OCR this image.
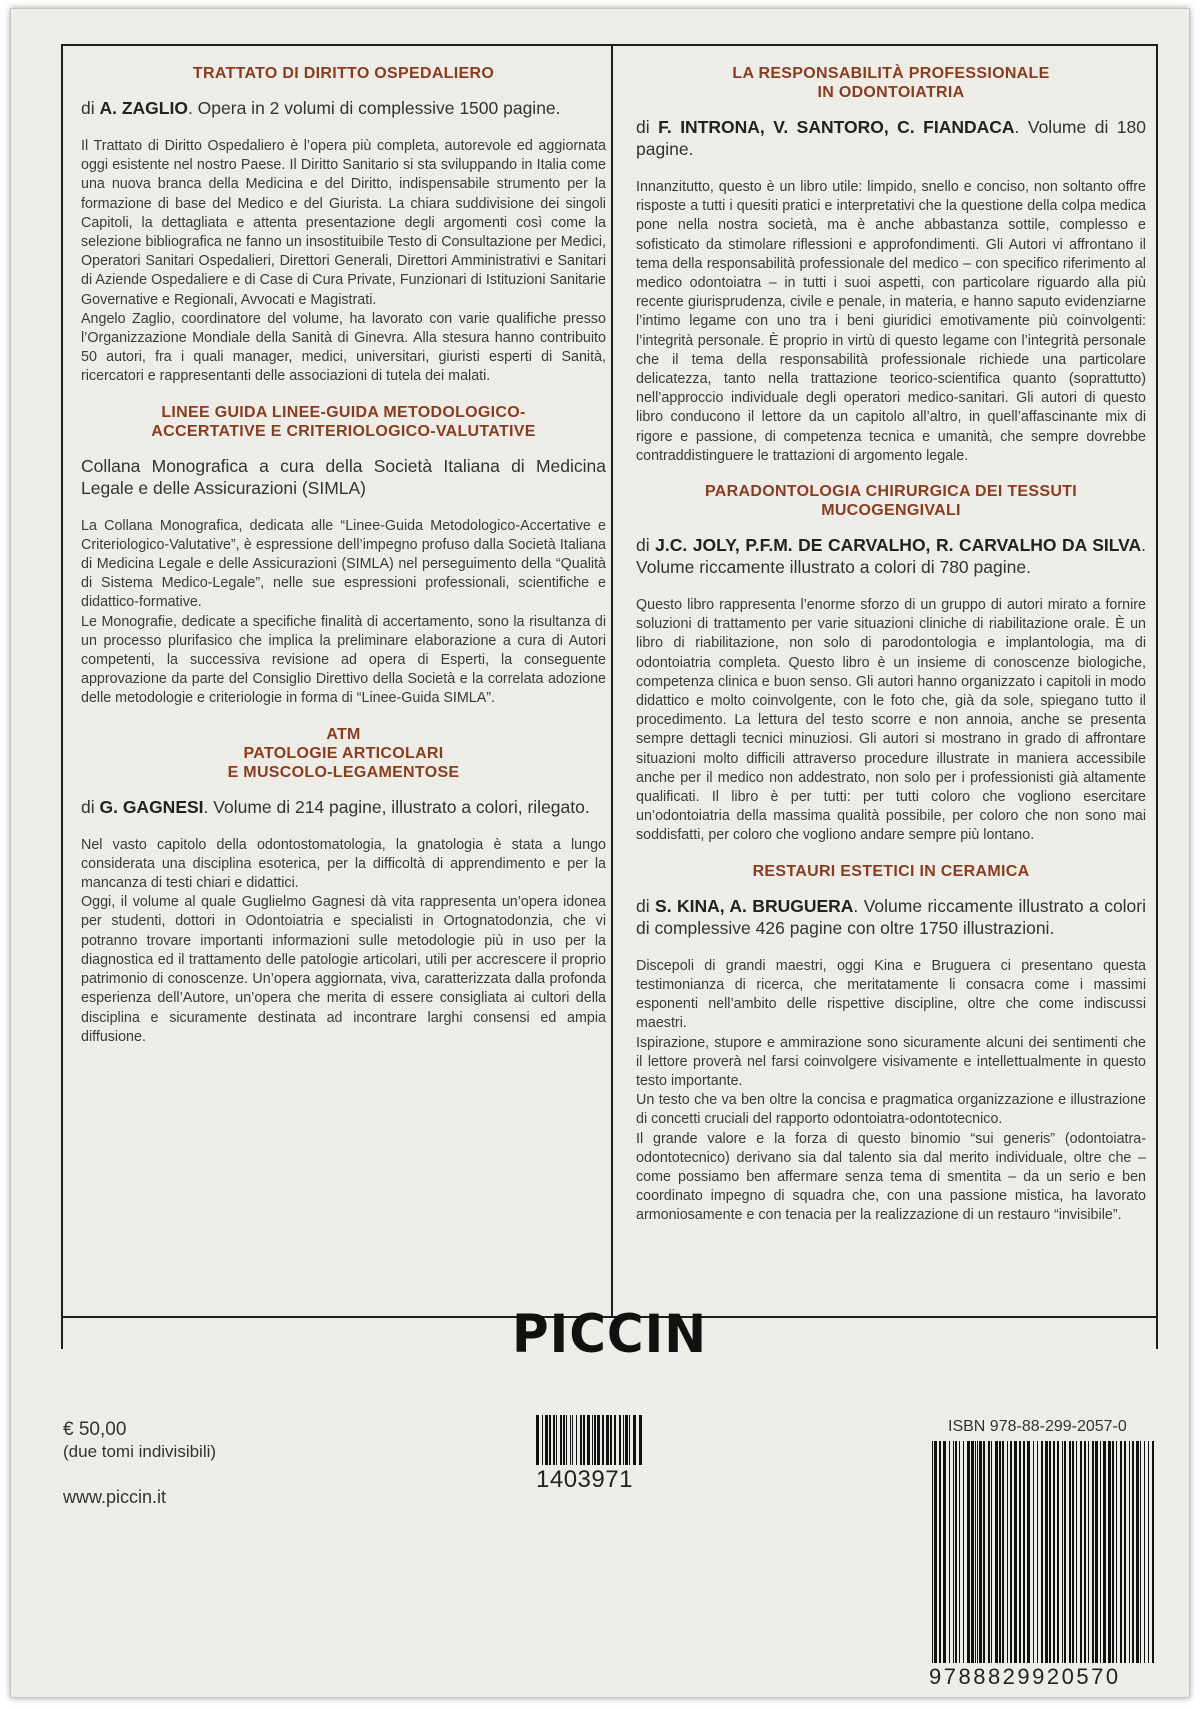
TRATTATO DI DIRITTO OSPEDALIERO
di A. ZAGLIO. Opera in 2 volumi di complessive 1500 pagine.

Il Trattato di Diritto Ospedaliero è l’opera più completa, autorevole ed aggiornata oggi esistente nel nostro Paese. Il Diritto Sanitario si sta sviluppando in Italia come una nuova branca della Medicina e del Diritto, indispensabile strumento per la formazione di base del Medico e del Giurista. La chiara suddivisione dei singoli Capitoli, la dettagliata e attenta presentazione degli argomenti così come la selezione bibliografica ne fanno un insostituibile Testo di Consultazione per Medici, Operatori Sanitari Ospedalieri, Direttori Generali, Direttori Amministrativi e Sanitari di Aziende Ospedaliere e di Case di Cura Private, Funzionari di Istituzioni Sanitarie Governative e Regionali, Avvocati e Magistrati.

Angelo Zaglio, coordinatore del volume, ha lavorato con varie qualifiche presso l’Organizzazione Mondiale della Sanità di Ginevra. Alla stesura hanno contribuito 50 autori, fra i quali manager, medici, universitari, giuristi esperti di Sanità, ricercatori e rappresentanti delle associazioni di tutela dei malati.

LINEE GUIDA LINEE-GUIDA METODOLOGICO-
ACCERTATIVE E CRITERIOLOGICO-VALUTATIVE
Collana Monografica a cura della Società Italiana di Medicina Legale e delle Assicurazioni (SIMLA)

La Collana Monografica, dedicata alle “Linee-Guida Metodologico-Accertative e Criteriologico-Valutative”, è espressione dell’impegno profuso dalla Società Italiana di Medicina Legale e delle Assicurazioni (SIMLA) nel perseguimento della “Qualità di Sistema Medico-Legale”, nelle sue espressioni professionali, scientifiche e didattico-formative.

Le Monografie, dedicate a specifiche finalità di accertamento, sono la risultanza di un processo plurifasico che implica la preliminare elaborazione a cura di Autori competenti, la successiva revisione ad opera di Esperti, la conseguente approvazione da parte del Consiglio Direttivo della Società e la correlata adozione delle metodologie e criteriologie in forma di “Linee-Guida SIMLA”.

ATM
PATOLOGIE ARTICOLARI
E MUSCOLO-LEGAMENTOSE
di G. GAGNESI. Volume di 214 pagine, illustrato a colori, rilegato.

Nel vasto capitolo della odontostomatologia, la gnatologia è stata a lungo considerata una disciplina esoterica, per la difficoltà di apprendimento e per la mancanza di testi chiari e didattici.

Oggi, il volume al quale Guglielmo Gagnesi dà vita rappresenta un’opera idonea per studenti, dottori in Odontoiatria e specialisti in Ortognatodonzia, che vi potranno trovare importanti informazioni sulle metodologie più in uso per la diagnostica ed il trattamento delle patologie articolari, utili per accrescere il proprio patrimonio di conoscenze. Un’opera aggiornata, viva, caratterizzata dalla profonda esperienza dell’Autore, un’opera che merita di essere consigliata ai cultori della disciplina e sicuramente destinata ad incontrare larghi consensi ed ampia diffusione.

LA RESPONSABILITÀ PROFESSIONALE
IN ODONTOIATRIA
di F. INTRONA, V. SANTORO, C. FIANDACA. Volume di 180 pagine.

Innanzitutto, questo è un libro utile: limpido, snello e conciso, non soltanto offre risposte a tutti i quesiti pratici e interpretativi che la questione della colpa medica pone nella nostra società, ma è anche abbastanza sottile, complesso e sofisticato da stimolare riflessioni e approfondimenti. Gli Autori vi affrontano il tema della responsabilità professionale del medico – con specifico riferimento al medico odontoiatra – in tutti i suoi aspetti, con particolare riguardo alla più recente giurisprudenza, civile e penale, in materia, e hanno saputo evidenziarne l’intimo legame con uno tra i beni giuridici emotivamente più coinvolgenti: l’integrità personale. È proprio in virtù di questo legame con l’integrità personale che il tema della responsabilità professionale richiede una particolare delicatezza, tanto nella trattazione teorico-scientifica quanto (soprattutto) nell’approccio individuale degli operatori medico-sanitari. Gli autori di questo libro conducono il lettore da un capitolo all’altro, in quell’affascinante mix di rigore e passione, di competenza tecnica e umanità, che sempre dovrebbe contraddistinguere le trattazioni di argomento legale.

PARADONTOLOGIA CHIRURGICA DEI TESSUTI
MUCOGENGIVALI
di J.C. JOLY, P.F.M. DE CARVALHO, R. CARVALHO DA SILVA. Volume riccamente illustrato a colori di 780 pagine.

Questo libro rappresenta l’enorme sforzo di un gruppo di autori mirato a fornire soluzioni di trattamento per varie situazioni cliniche di riabilitazione orale. È un libro di riabilitazione, non solo di parodontologia e implantologia, ma di odontoiatria completa. Questo libro è un insieme di conoscenze biologiche, competenza clinica e buon senso. Gli autori hanno organizzato i capitoli in modo didattico e molto coinvolgente, con le foto che, già da sole, spiegano tutto il procedimento. La lettura del testo scorre e non annoia, anche se presenta sempre dettagli tecnici minuziosi. Gli autori si mostrano in grado di affrontare situazioni molto difficili attraverso procedure illustrate in maniera accessibile anche per il medico non addestrato, non solo per i professionisti già altamente qualificati. Il libro è per tutti: per tutti coloro che vogliono esercitare un’odontoiatria della massima qualità possibile, per coloro che non sono mai soddisfatti, per coloro che vogliono andare sempre più lontano.

RESTAURI ESTETICI IN CERAMICA
di S. KINA, A. BRUGUERA. Volume riccamente illustrato a colori di complessive 426 pagine con oltre 1750 illustrazioni.

Discepoli di grandi maestri, oggi Kina e Bruguera ci presentano questa testimonianza di ricerca, che meritatamente li consacra come i massimi esponenti nell’ambito delle rispettive discipline, oltre che come indiscussi maestri.

Ispirazione, stupore e ammirazione sono sicuramente alcuni dei sentimenti che il lettore proverà nel farsi coinvolgere visivamente e intellettualmente in questo testo importante.

Un testo che va ben oltre la concisa e pragmatica organizzazione e illustrazione di concetti cruciali del rapporto odontoiatra-odontotecnico.

Il grande valore e la forza di questo binomio “sui generis” (odontoiatra-odontotecnico) derivano sia dal talento sia dal merito individuale, oltre che – come possiamo ben affermare senza tema di smentita – da un serio e ben coordinato impegno di squadra che, con una passione mistica, ha lavorato armoniosamente e con tenacia per la realizzazione di un restauro “invisibile”.

PICCIN
€ 50,00
(due tomi indivisibili)
www.piccin.it
1403971
ISBN 978-88-299-2057-0
9788829920570
